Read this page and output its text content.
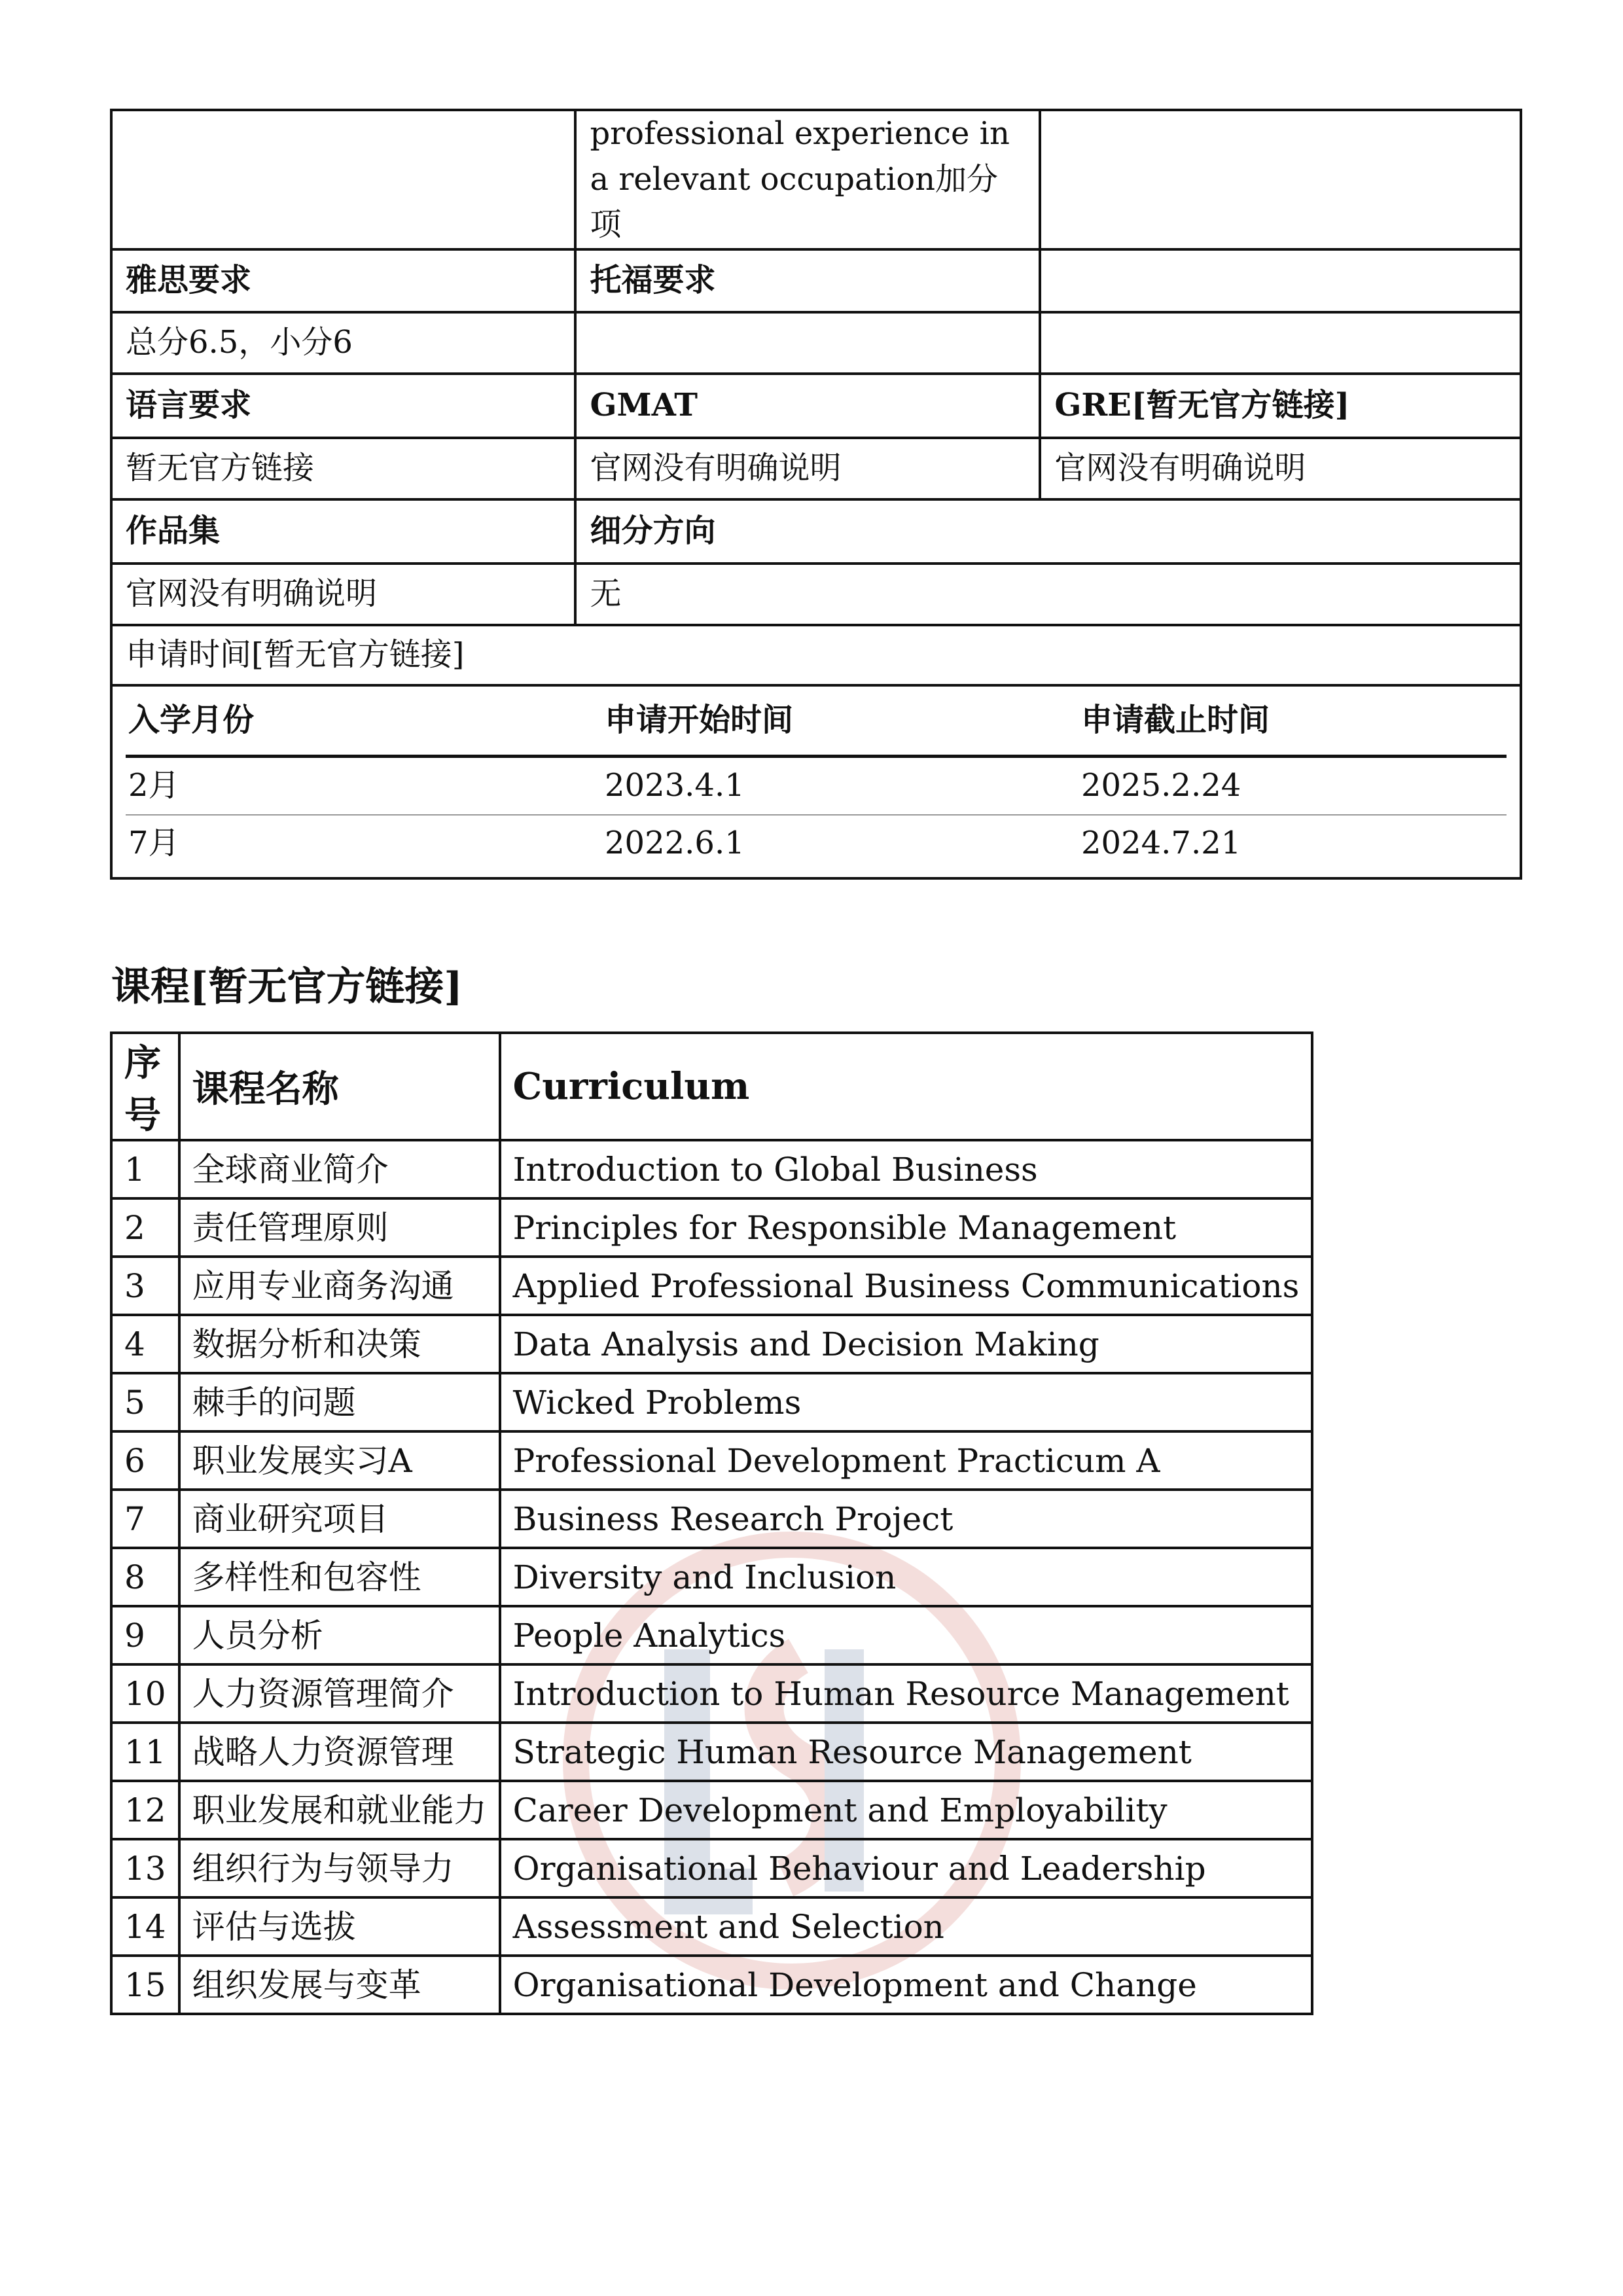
	professional experience in a relevant occupation加分项	
雅思要求	托福要求	
总分6.5，小分6		
语言要求	GMAT	GRE[暂无官方链接]
暂无官方链接	官网没有明确说明	官网没有明确说明
作品集	细分方向
官网没有明确说明	无
申请时间[暂无官方链接]

入学月份	申请开始时间	申请截止时间
2月	2023.4.1	2025.2.24
7月	2022.6.1	2024.7.21
课程[暂无官方链接]
序号	课程名称	Curriculum
1	全球商业简介	Introduction to Global Business
2	责任管理原则	Principles for Responsible Management
3	应用专业商务沟通	Applied Professional Business Communications
4	数据分析和决策	Data Analysis and Decision Making
5	棘手的问题	Wicked Problems
6	职业发展实习A	Professional Development Practicum A
7	商业研究项目	Business Research Project
8	多样性和包容性	Diversity and Inclusion
9	人员分析	People Analytics
10	人力资源管理简介	Introduction to Human Resource Management
11	战略人力资源管理	Strategic Human Resource Management
12	职业发展和就业能力	Career Development and Employability
13	组织行为与领导力	Organisational Behaviour and Leadership
14	评估与选拔	Assessment and Selection
15	组织发展与变革	Organisational Development and Change
